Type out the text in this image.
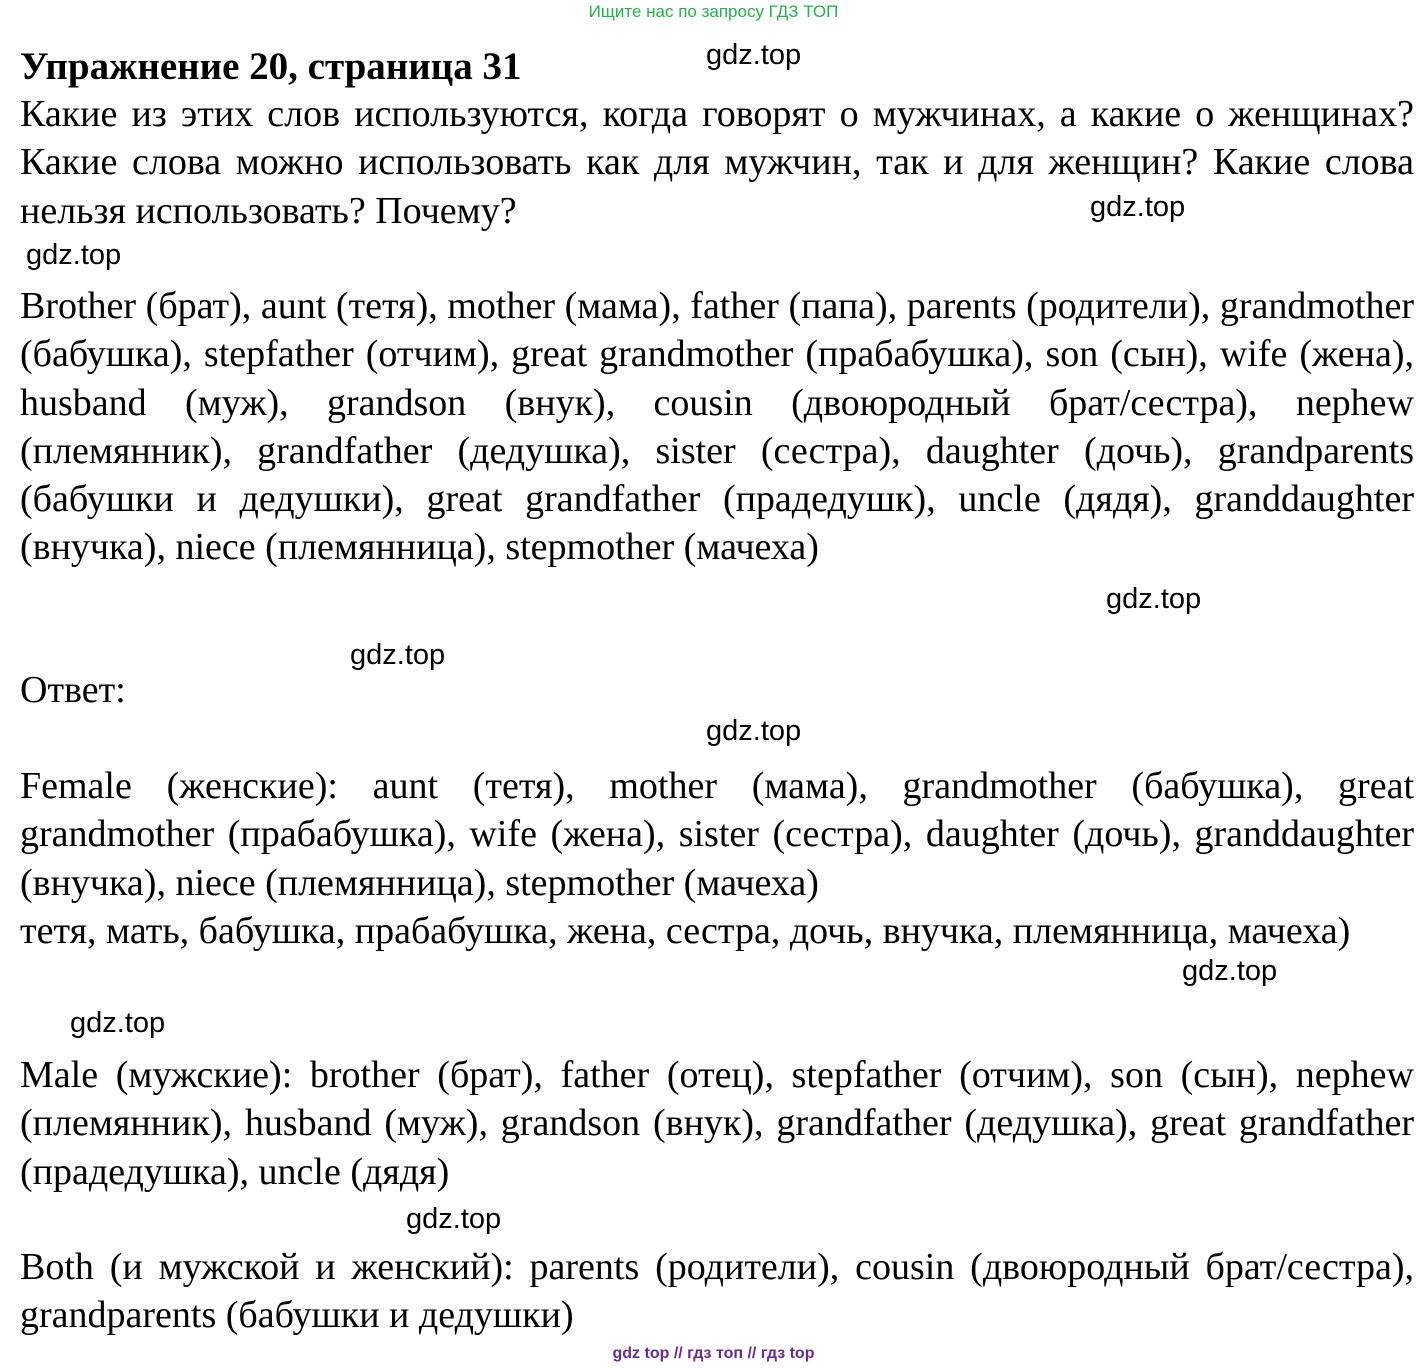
Ищите нас по запросу ГДЗ ТОП
Упражнение 20, страница 31

Какие из этих слов используются, когда говорят о мужчинах, а какие о женщинах? Какие слова можно использовать как для мужчин, так и для женщин? Какие слова нельзя использовать? Почему?

Brother (брат), aunt (тетя), mother (мама), father (папа), parents (родители), grandmother (бабушка), stepfather (отчим), great grandmother (прабабушка), son (сын), wife (жена), husband (муж), grandson (внук), cousin (двоюродный брат/сестра), nephew (племянник), grandfather (дедушка), sister (сестра), daughter (дочь), grandparents (бабушки и дедушки), great grandfather (прадедушк), uncle (дядя), granddaughter (внучка), niece (племянница), stepmother (мачеха)

Ответ:

Female (женские): aunt (тетя), mother (мама), grandmother (бабушка), great grandmother (прабабушка), wife (жена), sister (сестра), daughter (дочь), granddaughter (внучка), niece (племянница), stepmother (мачеха)

тетя, мать, бабушка, прабабушка, жена, сестра, дочь, внучка, племянница, мачеха)

Male (мужские): brother (брат), father (отец), stepfather (отчим), son (сын), nephew (племянник), husband (муж), grandson (внук), grandfather (дедушка), great grandfather (прадедушка), uncle (дядя)

Both (и мужской и женский): parents (родители), cousin (двоюродный брат/сестра), grandparents (бабушки и дедушки)

gdz.top
gdz.top
gdz.top
gdz.top
gdz.top
gdz.top
gdz.top
gdz.top
gdz.top
gdz top // гдз топ // гдз top
